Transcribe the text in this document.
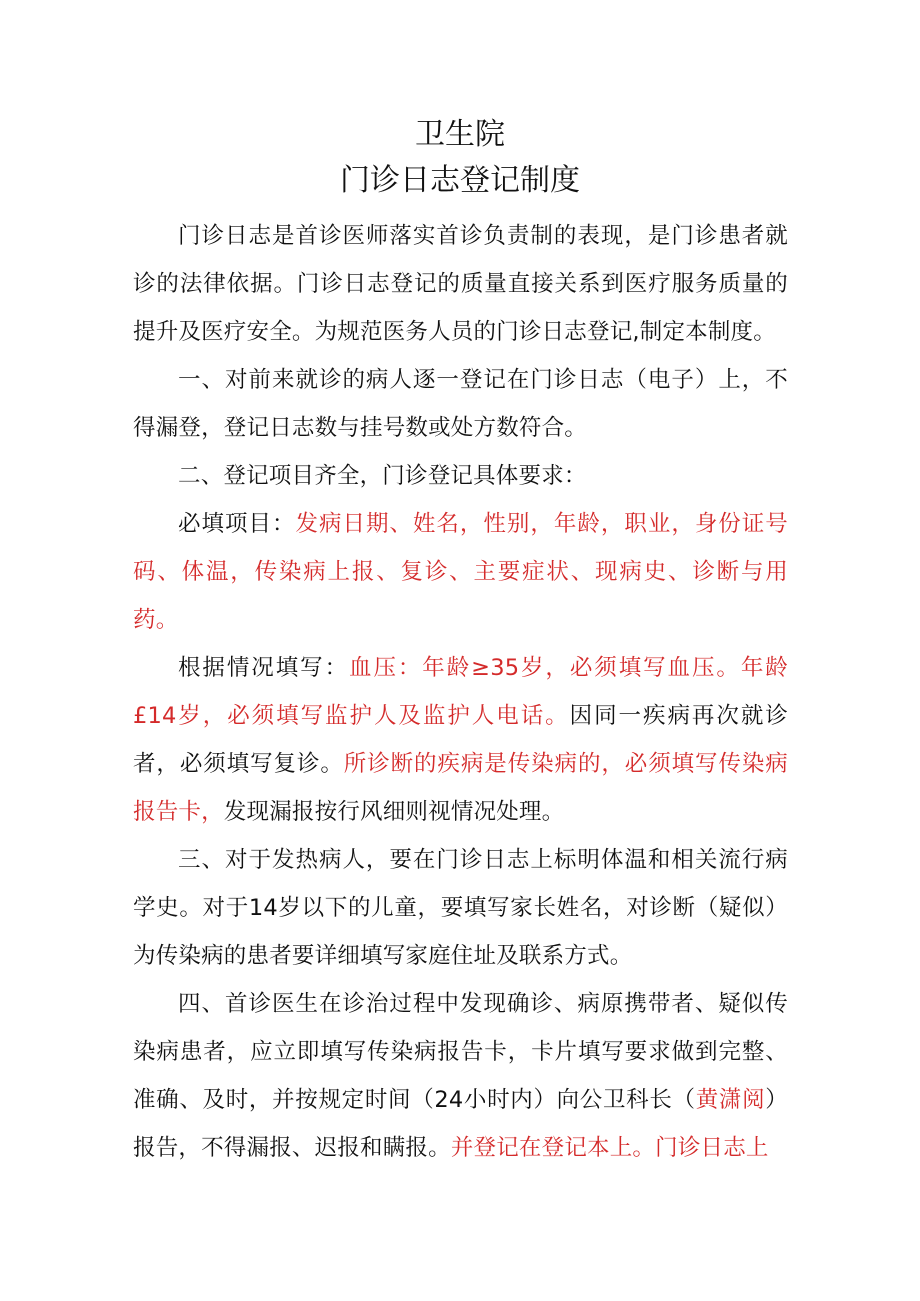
卫生院
门诊日志登记制度

门诊日志是首诊医师落实首诊负责制的表现，是门诊患者就诊的法律依据。门诊日志登记的质量直接关系到医疗服务质量的提升及医疗安全。为规范医务人员的门诊日志登记,制定本制度。

一、对前来就诊的病人逐一登记在门诊日志（电子）上，不得漏登，登记日志数与挂号数或处方数符合。

二、登记项目齐全，门诊登记具体要求：

必填项目：发病日期、姓名，性别，年龄，职业，身份证号码、体温，传染病上报、复诊、主要症状、现病史、诊断与用药。

根据情况填写：血压：年龄≥35岁，必须填写血压。年龄£14岁，必须填写监护人及监护人电话。因同一疾病再次就诊者，必须填写复诊。所诊断的疾病是传染病的，必须填写传染病报告卡，发现漏报按行风细则视情况处理。

三、对于发热病人，要在门诊日志上标明体温和相关流行病学史。对于14岁以下的儿童，要填写家长姓名，对诊断（疑似）为传染病的患者要详细填写家庭住址及联系方式。

四、首诊医生在诊治过程中发现确诊、病原携带者、疑似传染病患者，应立即填写传染病报告卡，卡片填写要求做到完整、准确、及时，并按规定时间（24小时内）向公卫科长（黄潇阅）报告，不得漏报、迟报和瞒报。并登记在登记本上。门诊日志上
